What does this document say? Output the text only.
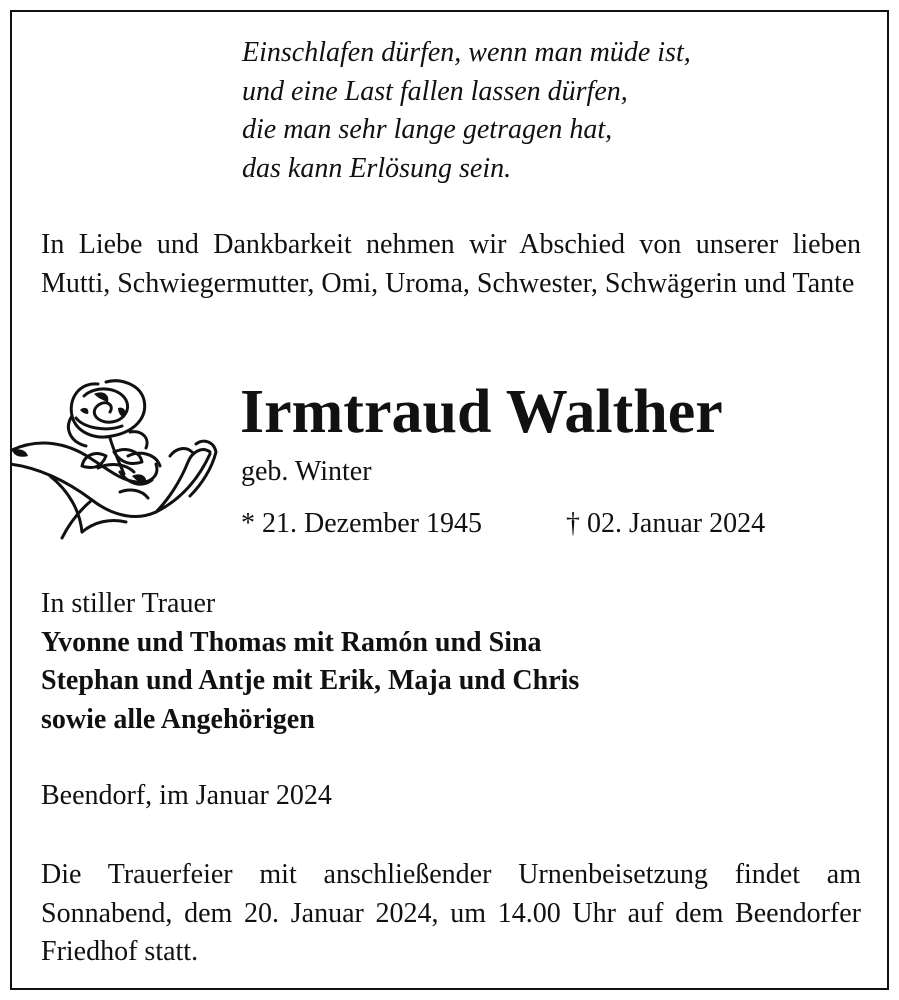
Einschlafen dürfen, wenn man müde ist,
und eine Last fallen lassen dürfen,
die man sehr lange getragen hat,
das kann Erlösung sein.
In Liebe und Dankbarkeit nehmen wir Abschied von unserer lieben Mutti, Schwiegermutter, Omi, Uroma, Schwester, Schwägerin und Tante
Irmtraud Walther
geb. Winter
* 21. Dezember 1945	† 02. Januar 2024
In stiller Trauer
Yvonne und Thomas mit Ramón und Sina
Stephan und Antje mit Erik, Maja und Chris
sowie alle Angehörigen
Beendorf, im Januar 2024
Die Trauerfeier mit anschließender Urnenbeisetzung findet am Sonnabend, dem 20. Januar 2024, um 14.00 Uhr auf dem Beendorfer Friedhof statt.
